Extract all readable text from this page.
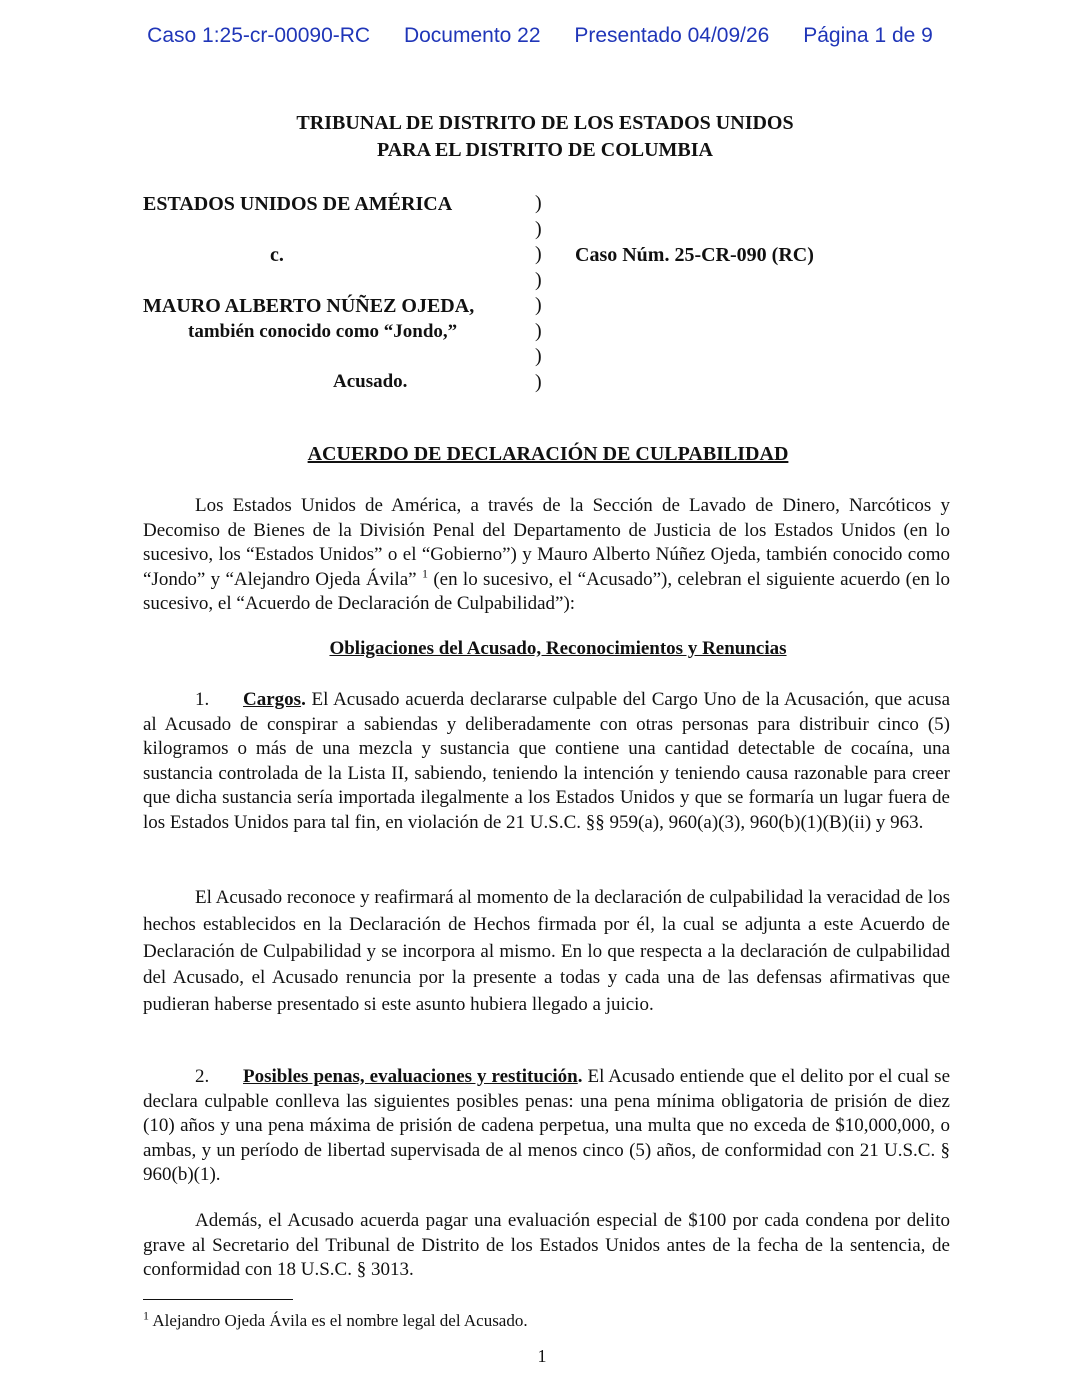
Caso 1:25-cr-00090-RC Documento 22 Presentado 04/09/26 Página 1 de 9
TRIBUNAL DE DISTRITO DE LOS ESTADOS UNIDOS
PARA EL DISTRITO DE COLUMBIA
ESTADOS UNIDOS DE AMÉRICA
c.	Caso Núm. 25-CR-090 (RC)
MAURO ALBERTO NÚÑEZ OJEDA,
también conocido como “Jondo,”
Acusado.
)
)
)
)
)
)
)
)
ACUERDO DE DECLARACIÓN DE CULPABILIDAD

Los Estados Unidos de América, a través de la Sección de Lavado de Dinero, Narcóticos y Decomiso de Bienes de la División Penal del Departamento de Justicia de los Estados Unidos (en lo sucesivo, los “Estados Unidos” o el “Gobierno”) y Mauro Alberto Núñez Ojeda, también conocido como “Jondo” y “Alejandro Ojeda Ávila” $^1$ (en lo sucesivo, el “Acusado”), celebran el siguiente acuerdo (en lo sucesivo, el “Acuerdo de Declaración de Culpabilidad”):

Obligaciones del Acusado, Reconocimientos y Renuncias

1. Cargos. El Acusado acuerda declararse culpable del Cargo Uno de la Acusación, que acusa al Acusado de conspirar a sabiendas y deliberadamente con otras personas para distribuir cinco (5) kilogramos o más de una mezcla y sustancia que contiene una cantidad detectable de cocaína, una sustancia controlada de la Lista II, sabiendo, teniendo la intención y teniendo causa razonable para creer que dicha sustancia sería importada ilegalmente a los Estados Unidos y que se formaría un lugar fuera de los Estados Unidos para tal fin, en violación de 21 U.S.C. §§ 959(a), 960(a)(3), 960(b)(1)(B)(ii) y 963.

El Acusado reconoce y reafirmará al momento de la declaración de culpabilidad la veracidad de los hechos establecidos en la Declaración de Hechos firmada por él, la cual se adjunta a este Acuerdo de Declaración de Culpabilidad y se incorpora al mismo. En lo que respecta a la declaración de culpabilidad del Acusado, el Acusado renuncia por la presente a todas y cada una de las defensas afirmativas que pudieran haberse presentado si este asunto hubiera llegado a juicio.

2. Posibles penas, evaluaciones y restitución. El Acusado entiende que el delito por el cual se declara culpable conlleva las siguientes posibles penas: una pena mínima obligatoria de prisión de diez (10) años y una pena máxima de prisión de cadena perpetua, una multa que no exceda de $10,000,000, o ambas, y un período de libertad supervisada de al menos cinco (5) años, de conformidad con 21 U.S.C. § 960(b)(1).

Además, el Acusado acuerda pagar una evaluación especial de $100 por cada condena por delito grave al Secretario del Tribunal de Distrito de los Estados Unidos antes de la fecha de la sentencia, de conformidad con 18 U.S.C. § 3013.

$^1$ Alejandro Ojeda Ávila es el nombre legal del Acusado.
1
